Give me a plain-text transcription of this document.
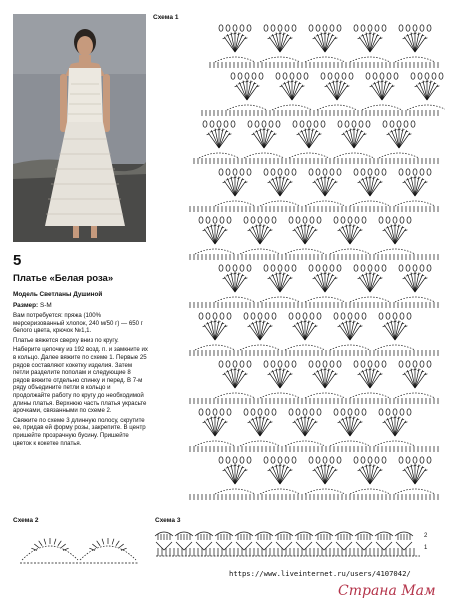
5
Платье «Белая роза»
Модель Светланы Душиной
Размер: S-M

Вам потребуется: пряжа (100% мерсеризованный хлопок, 240 м/50 г) — 650 г белого цвета, крючок №1,1.

Платье вяжется сверху вниз по кругу.

Наберите цепочку из 192 возд. п. и замкните их в кольцо. Далее вяжите по схеме 1. Первые 25 рядов составляют кокетку изделия. Затем петли разделите пополам и следующие 8 рядов вяжите отдельно спинку и перед. В 7-м ряду объедините петли в кольцо и продолжайте работу по кругу до необходимой длины платья. Верхнюю часть платья украсьте арочками, связанными по схеме 2.

Свяжите по схеме 3 длинную полосу, скрутите ее, придав ей форму розы, закрепите. В центр пришейте прозрачную бусину. Пришейте цветок к кокетке платья.

Схема 1
Схема 2	Схема 3
2
1
https://www.liveinternet.ru/users/4107042/
Страна Мам
